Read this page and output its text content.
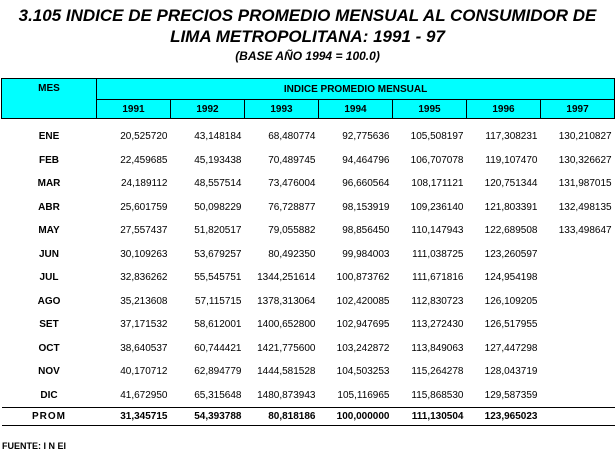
3.105 INDICE DE PRECIOS PROMEDIO MENSUAL AL CONSUMIDOR DE
LIMA METROPOLITANA: 1991 - 97
(BASE AÑO 1994 = 100.0)
MES	INDICE PROMEDIO MENSUAL						
	1991	1992	1993	1994	1995	1996	1997
ENE	20,525720	43,148184	68,480774	92,775636	105,508197	117,308231	130,210827
FEB	22,459685	45,193438	70,489745	94,464796	106,707078	119,107470	130,326627
MAR	24,189112	48,557514	73,476004	96,660564	108,171121	120,751344	131,987015
ABR	25,601759	50,098229	76,728877	98,153919	109,236140	121,803391	132,498135
MAY	27,557437	51,820517	79,055882	98,856450	110,147943	122,689508	133,498647
JUN	30,109263	53,679257	80,492350	99,984003	111,038725	123,260597	
JUL	32,836262	55,545751	1344,251614	100,873762	111,671816	124,954198	
AGO	35,213608	57,115715	1378,313064	102,420085	112,830723	126,109205	
SET	37,171532	58,612001	1400,652800	102,947695	113,272430	126,517955	
OCT	38,640537	60,744421	1421,775600	103,242872	113,849063	127,447298	
NOV	40,170712	62,894779	1444,581528	104,503253	115,264278	128,043719	
DIC	41,672950	65,315648	1480,873943	105,116965	115,868530	129,587359	
PROM	31,345715	54,393788	80,818186	100,000000	111,130504	123,965023	
FUENTE: I N EI
